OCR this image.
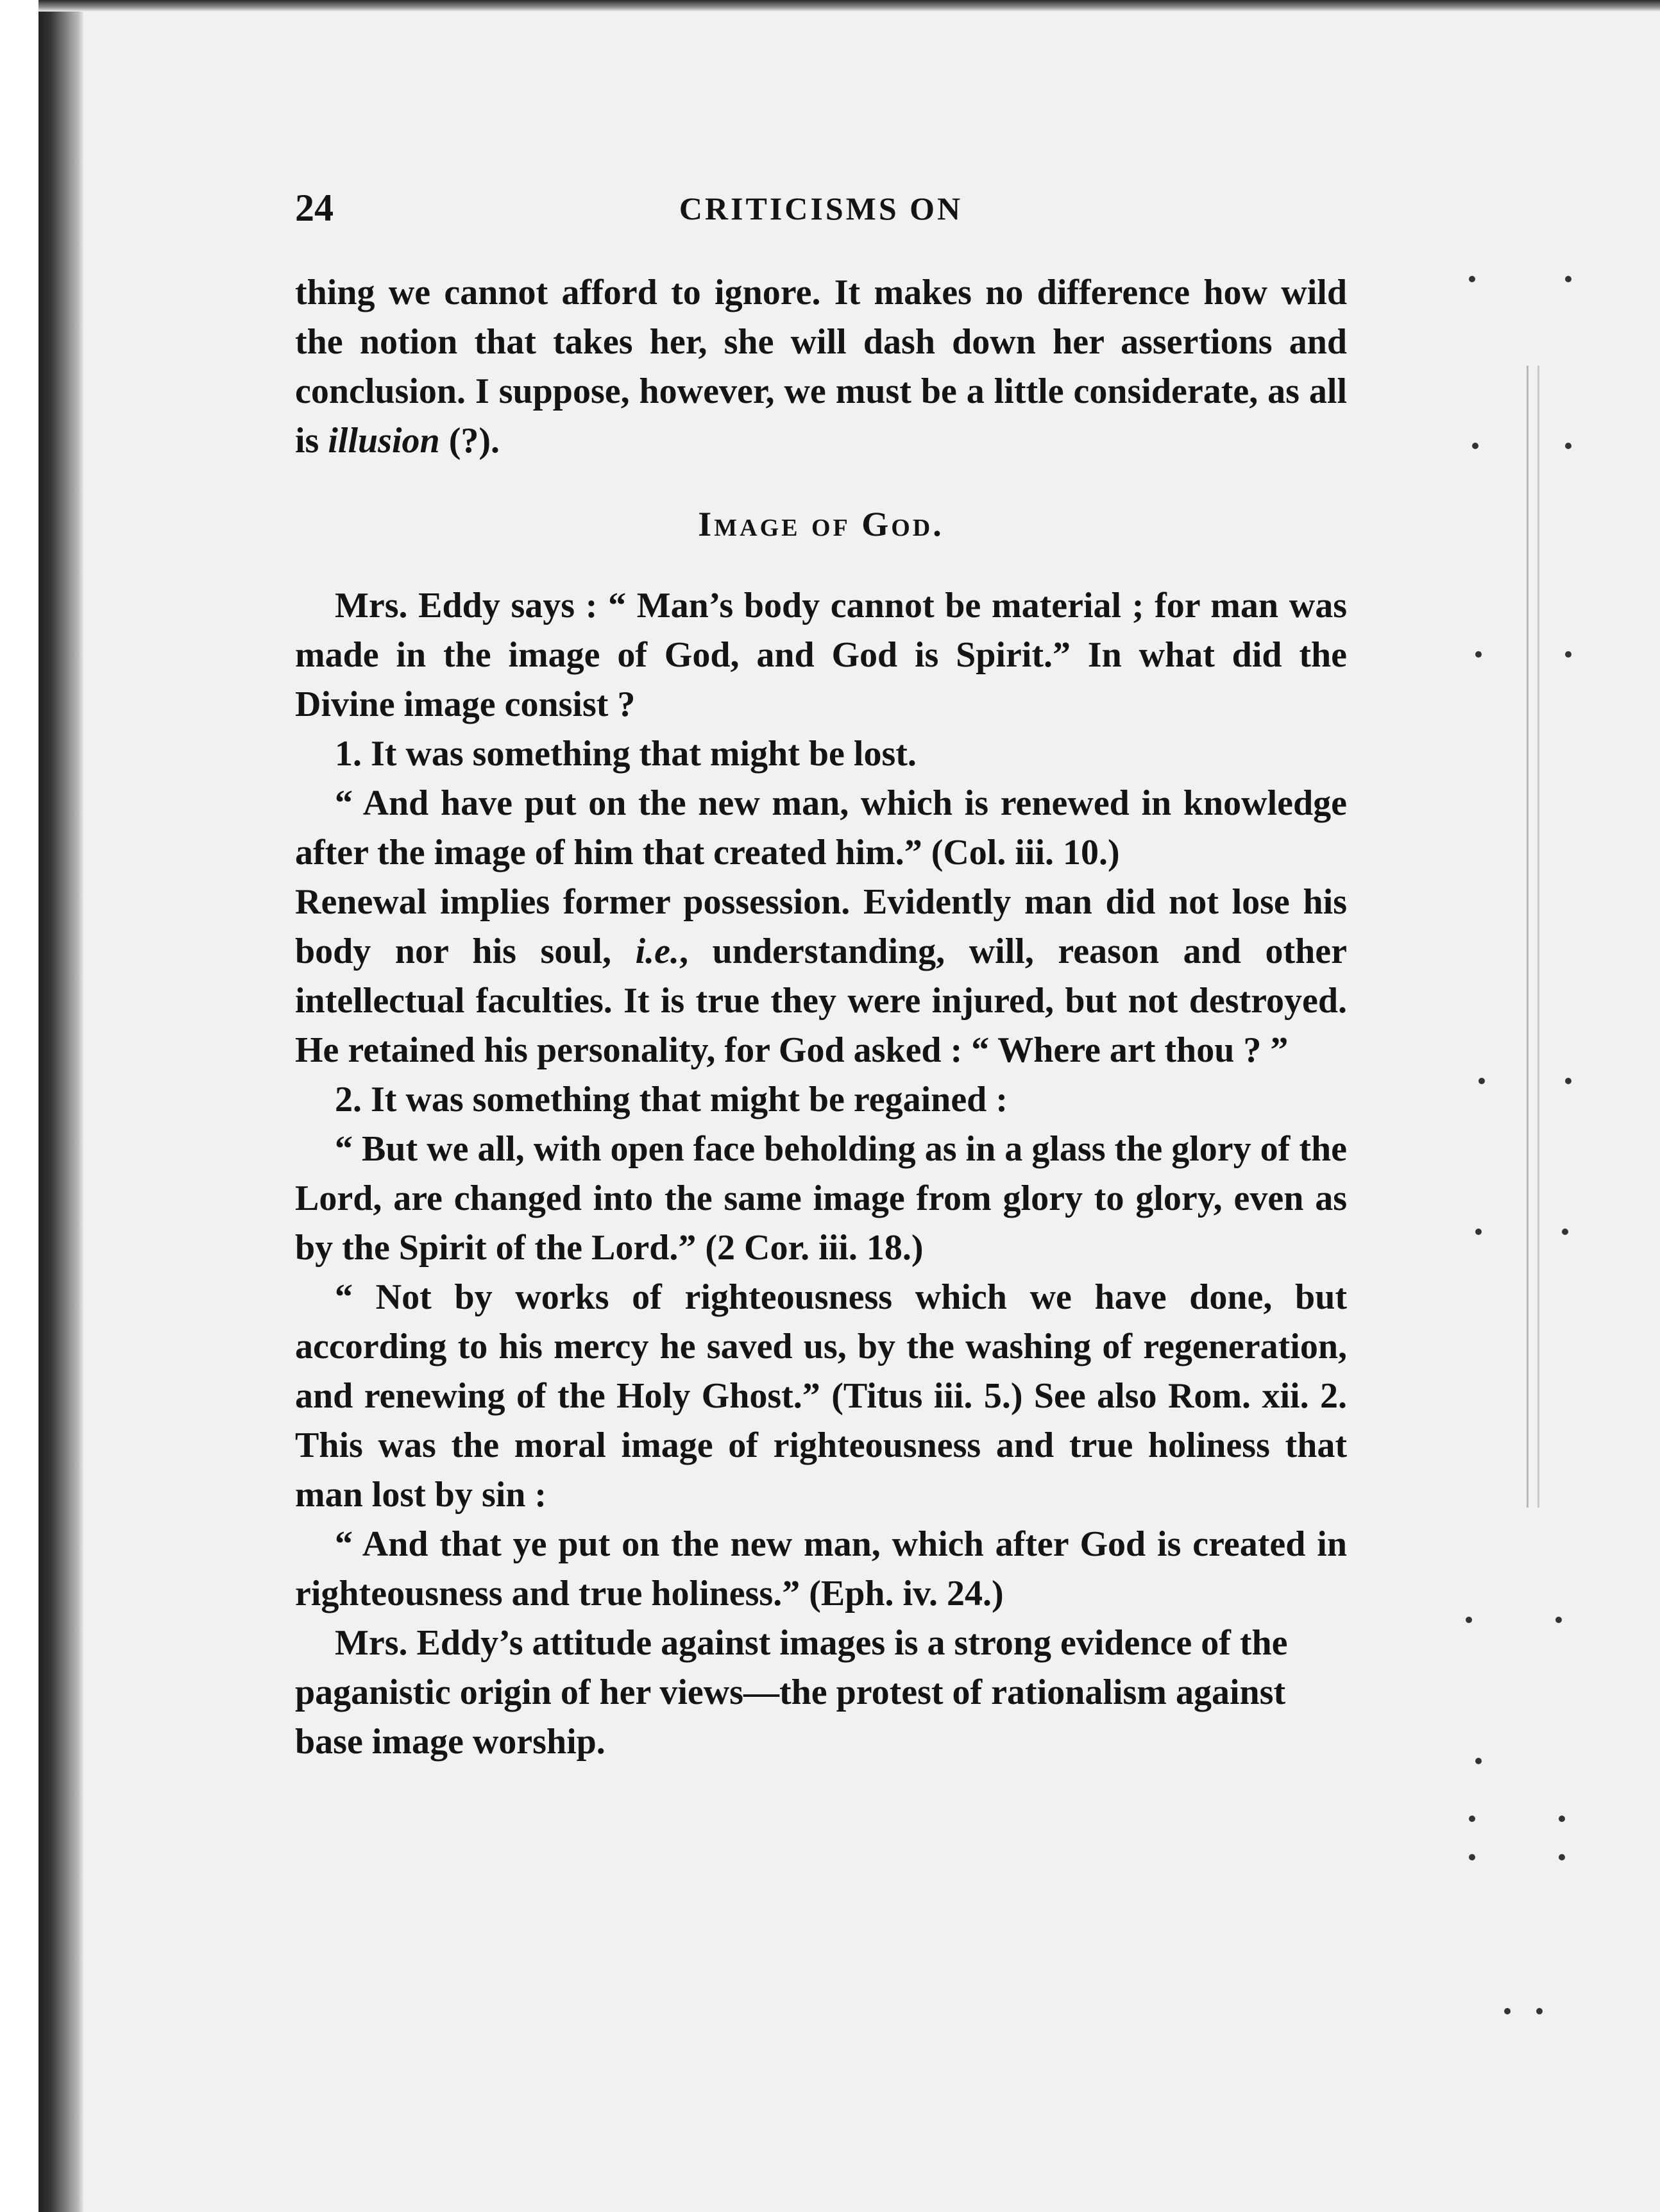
24	CRITICISMS ON

thing we cannot afford to ignore. It makes no difference how wild the notion that takes her, she will dash down her assertions and conclusion. I suppose, however, we must be a little considerate, as all is illusion (?).

Image of God.

Mrs. Eddy says : “ Man’s body cannot be material ; for man was made in the image of God, and God is Spirit.” In what did the Divine image consist ?

1. It was something that might be lost.

“ And have put on the new man, which is renewed in knowledge after the image of him that created him.” (Col. iii. 10.)

Renewal implies former possession. Evidently man did not lose his body nor his soul, i.e., understanding, will, reason and other intellectual faculties. It is true they were injured, but not destroyed. He retained his personality, for God asked : “ Where art thou ? ”

2. It was something that might be regained :

“ But we all, with open face beholding as in a glass the glory of the Lord, are changed into the same image from glory to glory, even as by the Spirit of the Lord.” (2 Cor. iii. 18.)

“ Not by works of righteousness which we have done, but according to his mercy he saved us, by the washing of regeneration, and renewing of the Holy Ghost.” (Titus iii. 5.) See also Rom. xii. 2. This was the moral image of righteousness and true holiness that man lost by sin :

“ And that ye put on the new man, which after God is created in righteousness and true holiness.” (Eph. iv. 24.)

Mrs. Eddy’s attitude against images is a strong evidence of the paganistic origin of her views—the protest of rationalism against base image worship.
